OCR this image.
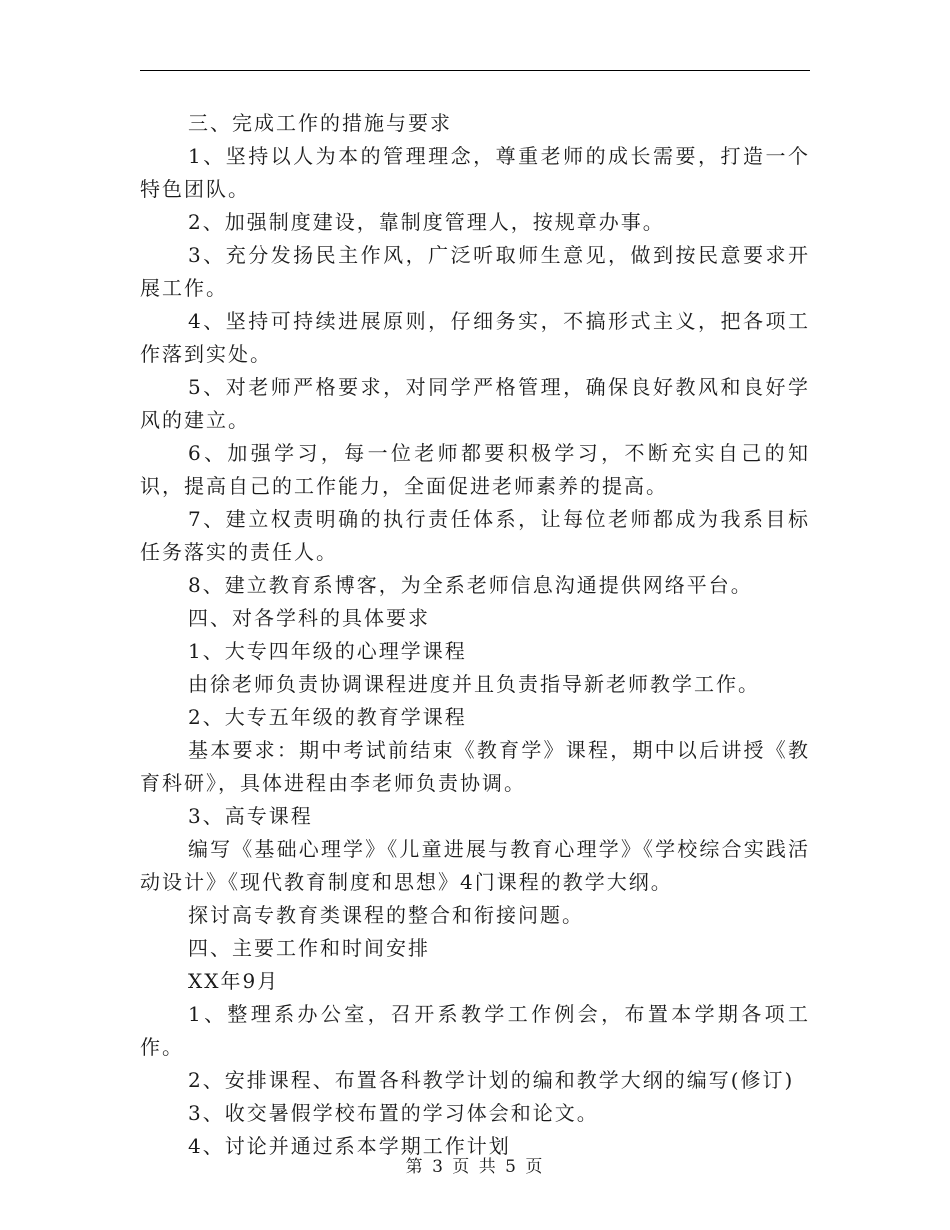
三、完成工作的措施与要求

1、坚持以人为本的管理理念，尊重老师的成长需要，打造一个特色团队。

2、加强制度建设，靠制度管理人，按规章办事。

3、充分发扬民主作风，广泛听取师生意见，做到按民意要求开展工作。

4、坚持可持续进展原则，仔细务实，不搞形式主义，把各项工作落到实处。

5、对老师严格要求，对同学严格管理，确保良好教风和良好学风的建立。

6、加强学习，每一位老师都要积极学习，不断充实自己的知识，提高自己的工作能力，全面促进老师素养的提高。

7、建立权责明确的执行责任体系，让每位老师都成为我系目标任务落实的责任人。

8、建立教育系博客，为全系老师信息沟通提供网络平台。

四、对各学科的具体要求

1、大专四年级的心理学课程

由徐老师负责协调课程进度并且负责指导新老师教学工作。

2、大专五年级的教育学课程

基本要求：期中考试前结束《教育学》课程，期中以后讲授《教育科研》，具体进程由李老师负责协调。

3、高专课程

编写《基础心理学》《儿童进展与教育心理学》《学校综合实践活动设计》《现代教育制度和思想》4门课程的教学大纲。

探讨高专教育类课程的整合和衔接问题。

四、主要工作和时间安排

XX年9月

1、整理系办公室，召开系教学工作例会，布置本学期各项工作。

2、安排课程、布置各科教学计划的编和教学大纲的编写(修订)

3、收交暑假学校布置的学习体会和论文。

4、讨论并通过系本学期工作计划

第 3 页 共 5 页
